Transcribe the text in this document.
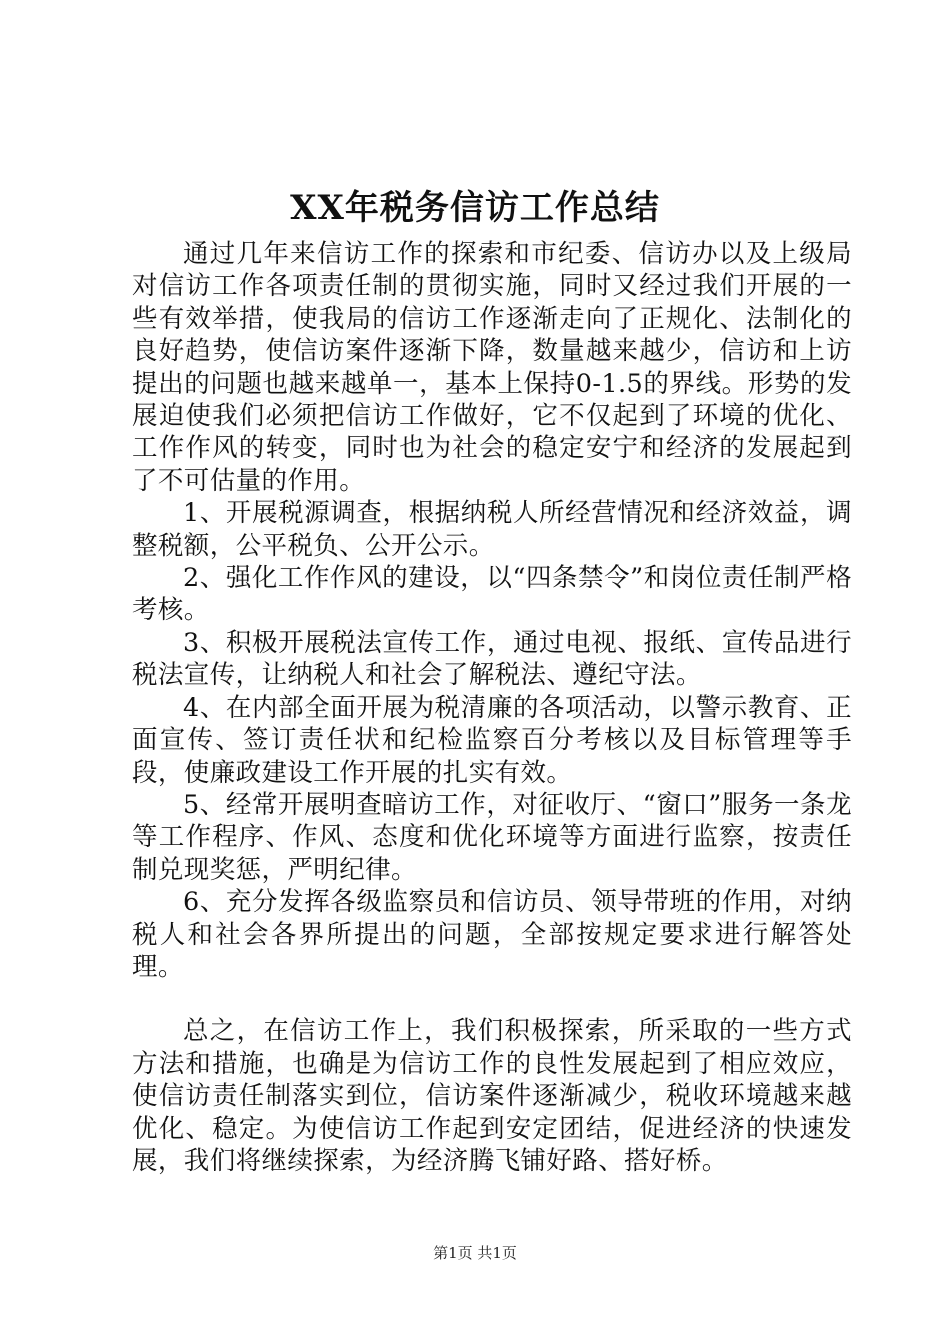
XX年税务信访工作总结

通过几年来信访工作的探索和市纪委、信访办以及上级局对信访工作各项责任制的贯彻实施，同时又经过我们开展的一些有效举措，使我局的信访工作逐渐走向了正规化、法制化的良好趋势，使信访案件逐渐下降，数量越来越少，信访和上访提出的问题也越来越单一，基本上保持0-1.5的界线。形势的发展迫使我们必须把信访工作做好，它不仅起到了环境的优化、工作作风的转变，同时也为社会的稳定安宁和经济的发展起到了不可估量的作用。

1、开展税源调查，根据纳税人所经营情况和经济效益，调整税额，公平税负、公开公示。

2、强化工作作风的建设，以“四条禁令”和岗位责任制严格考核。

3、积极开展税法宣传工作，通过电视、报纸、宣传品进行税法宣传，让纳税人和社会了解税法、遵纪守法。

4、在内部全面开展为税清廉的各项活动，以警示教育、正面宣传、签订责任状和纪检监察百分考核以及目标管理等手段，使廉政建设工作开展的扎实有效。

5、经常开展明查暗访工作，对征收厅、“窗口”服务一条龙等工作程序、作风、态度和优化环境等方面进行监察，按责任制兑现奖惩，严明纪律。

6、充分发挥各级监察员和信访员、领导带班的作用，对纳税人和社会各界所提出的问题，全部按规定要求进行解答处理。

总之，在信访工作上，我们积极探索，所采取的一些方式方法和措施，也确是为信访工作的良性发展起到了相应效应，使信访责任制落实到位，信访案件逐渐减少，税收环境越来越优化、稳定。为使信访工作起到安定团结，促进经济的快速发展，我们将继续探索，为经济腾飞铺好路、搭好桥。

第1页 共1页
